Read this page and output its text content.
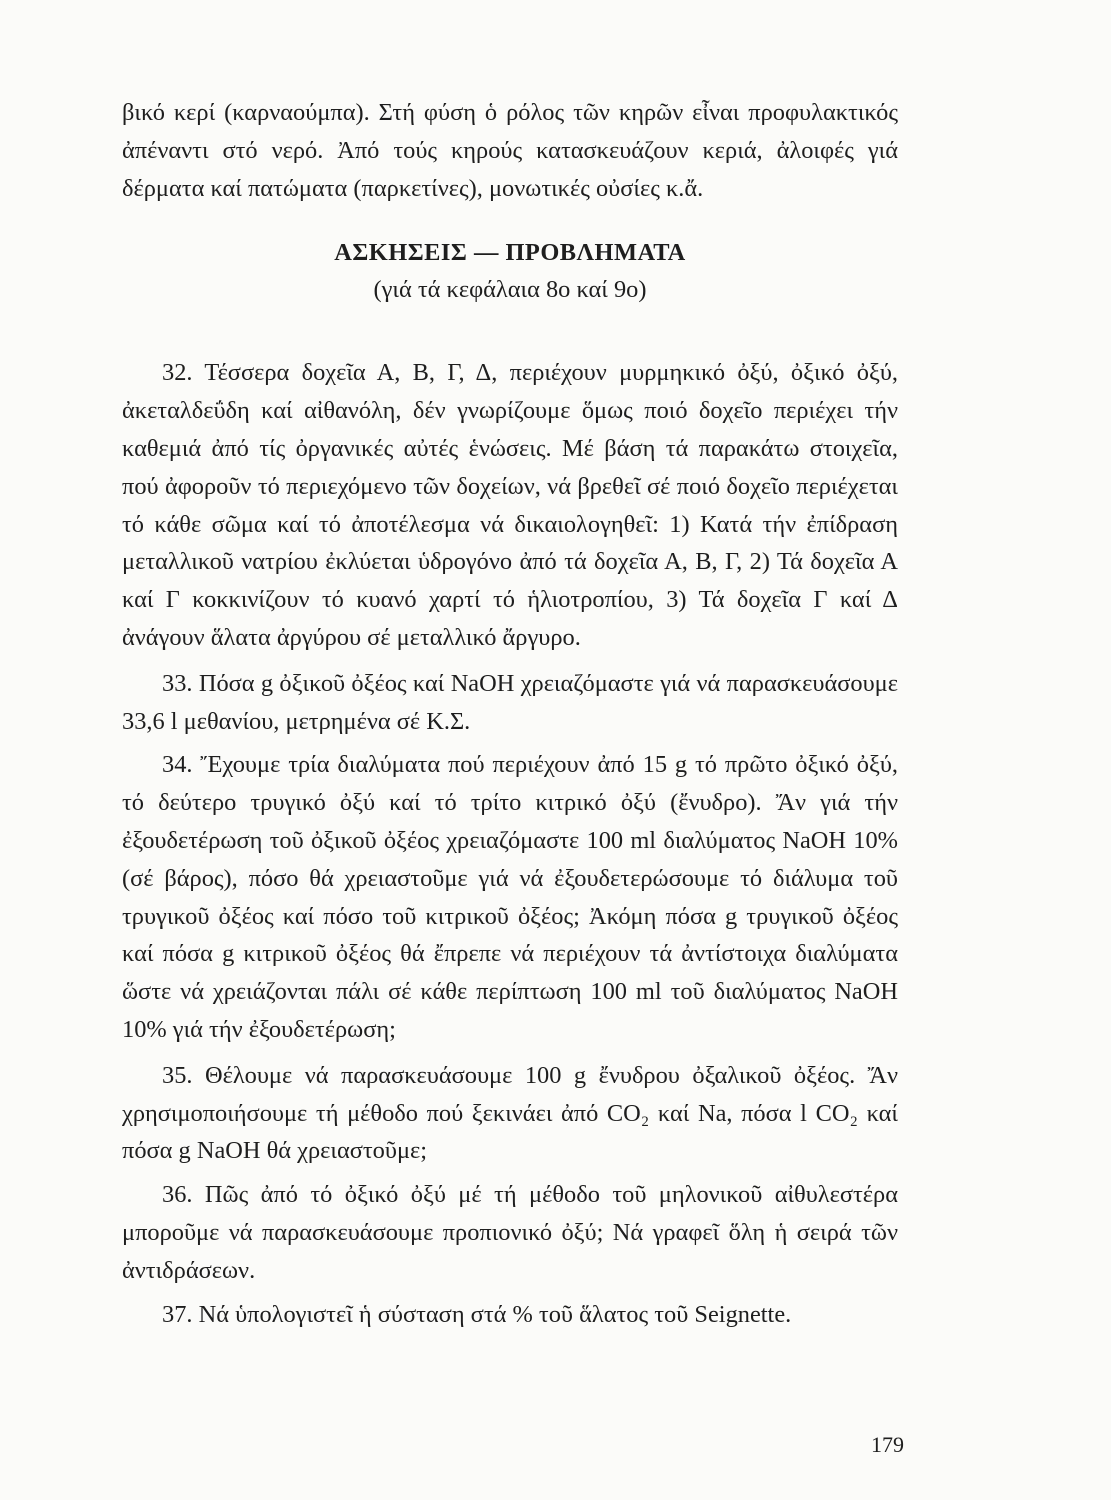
βικό κερί (καρναούμπα). Στή φύση ὁ ρόλος τῶν κηρῶν εἶναι προφυλακτικός ἀπέναντι στό νερό. Ἀπό τούς κηρούς κατασκευάζουν κεριά, ἀλοιφές γιά δέρματα καί πατώματα (παρκετίνες), μονωτικές οὐσίες κ.ἄ.

ΑΣΚΗΣΕΙΣ — ΠΡΟΒΛΗΜΑΤΑ

(γιά τά κεφάλαια 8ο καί 9ο)

32. Τέσσερα δοχεῖα Α, Β, Γ, Δ, περιέχουν μυρμηκικό ὀξύ, ὀξικό ὀξύ, ἀκεταλδεΰδη καί αἰθανόλη, δέν γνωρίζουμε ὅμως ποιό δοχεῖο περιέχει τήν καθεμιά ἀπό τίς ὀργανικές αὐτές ἑνώσεις. Μέ βάση τά παρακάτω στοιχεῖα, πού ἀφοροῦν τό περιεχόμενο τῶν δοχείων, νά βρεθεῖ σέ ποιό δοχεῖο περιέχεται τό κάθε σῶμα καί τό ἀποτέλεσμα νά δικαιολογηθεῖ: 1) Κατά τήν ἐπίδραση μεταλλικοῦ νατρίου ἐκλύεται ὑδρογόνο ἀπό τά δοχεῖα Α, Β, Γ, 2) Τά δοχεῖα Α καί Γ κοκκινίζουν τό κυανό χαρτί τό ἡλιοτροπίου, 3) Τά δοχεῖα Γ καί Δ ἀνάγουν ἅλατα ἀργύρου σέ μεταλλικό ἄργυρο.

33. Πόσα g ὀξικοῦ ὀξέος καί NaOH χρειαζόμαστε γιά νά παρασκευάσουμε 33,6 l μεθανίου, μετρημένα σέ Κ.Σ.

34. Ἔχουμε τρία διαλύματα πού περιέχουν ἀπό 15 g τό πρῶτο ὀξικό ὀξύ, τό δεύτερο τρυγικό ὀξύ καί τό τρίτο κιτρικό ὀξύ (ἔνυδρο). Ἄν γιά τήν ἐξουδετέρωση τοῦ ὀξικοῦ ὀξέος χρειαζόμαστε 100 ml διαλύματος NaOH 10% (σέ βάρος), πόσο θά χρειαστοῦμε γιά νά ἐξουδετερώσουμε τό διάλυμα τοῦ τρυγικοῦ ὀξέος καί πόσο τοῦ κιτρικοῦ ὀξέος; Ἀκόμη πόσα g τρυγικοῦ ὀξέος καί πόσα g κιτρικοῦ ὀξέος θά ἔπρεπε νά περιέχουν τά ἀντίστοιχα διαλύματα ὥστε νά χρειάζονται πάλι σέ κάθε περίπτωση 100 ml τοῦ διαλύματος NaOH 10% γιά τήν ἐξουδετέρωση;

35. Θέλουμε νά παρασκευάσουμε 100 g ἔνυδρου ὀξαλικοῦ ὀξέος. Ἄν χρησιμοποιήσουμε τή μέθοδο πού ξεκινάει ἀπό CO₂ καί Na, πόσα l CO₂ καί πόσα g NaOH θά χρειαστοῦμε;

36. Πῶς ἀπό τό ὀξικό ὀξύ μέ τή μέθοδο τοῦ μηλονικοῦ αἰθυλεστέρα μποροῦμε νά παρασκευάσουμε προπιονικό ὀξύ; Νά γραφεῖ ὅλη ἡ σειρά τῶν ἀντιδράσεων.

37. Νά ὑπολογιστεῖ ἡ σύσταση στά % τοῦ ἅλατος τοῦ Seignette.

179
